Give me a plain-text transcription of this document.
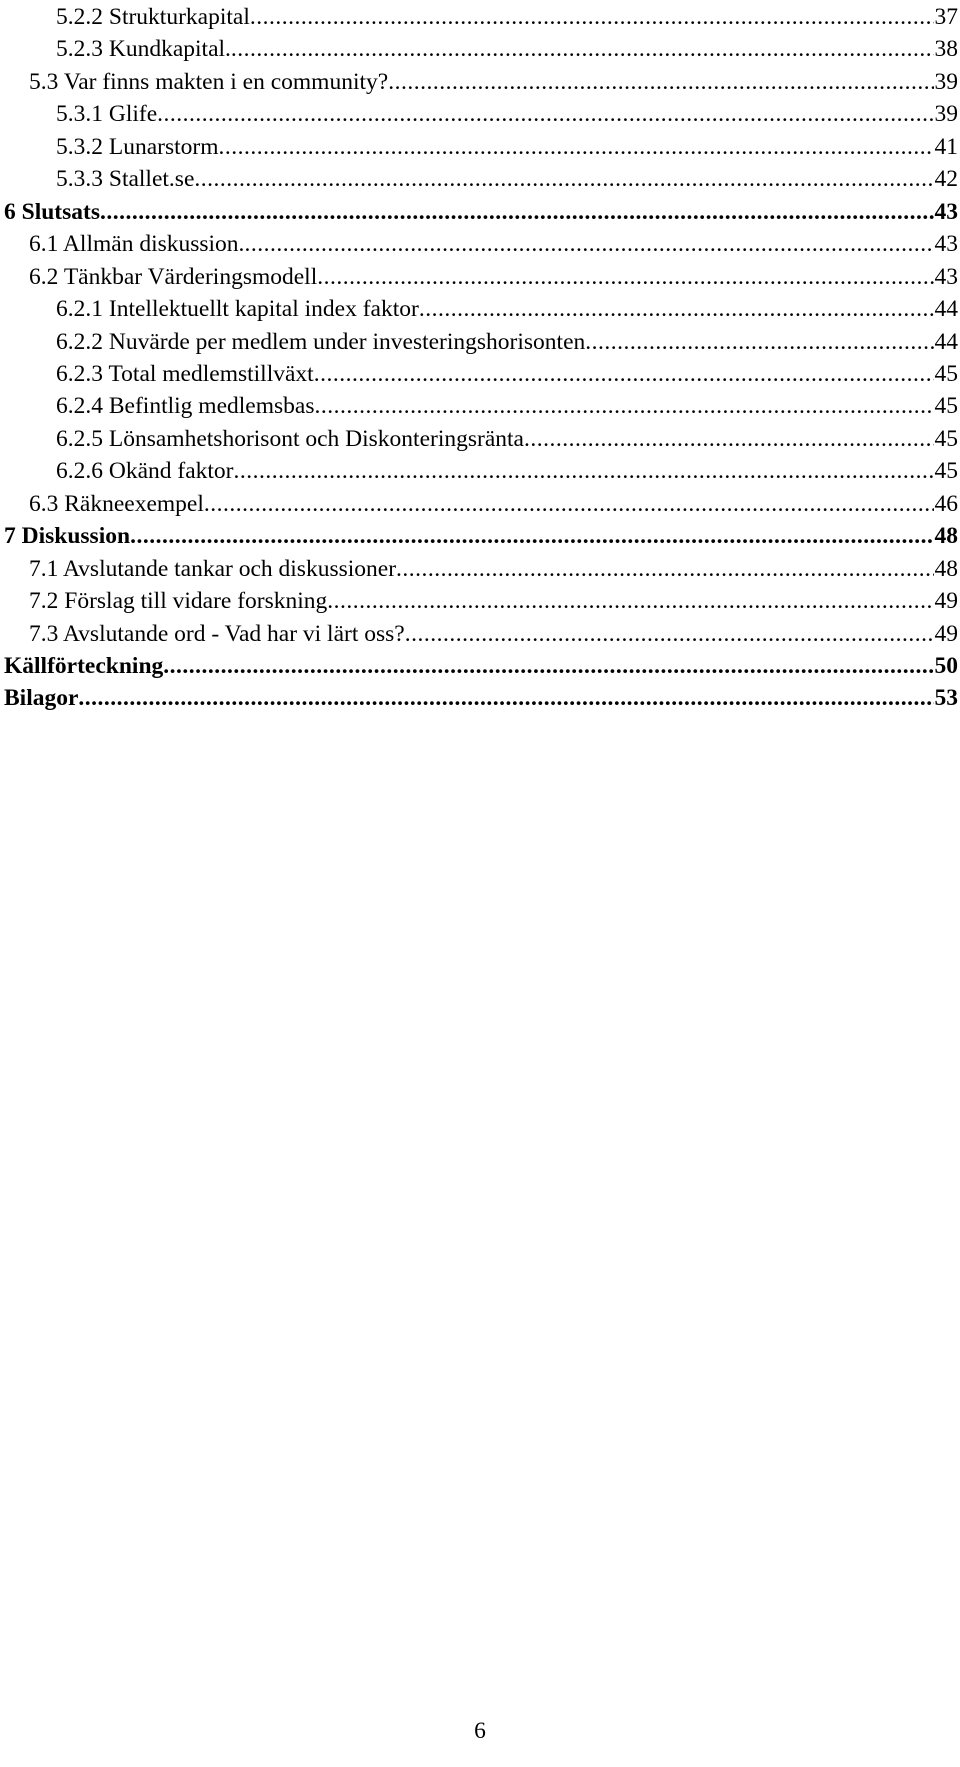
5.2.2 Strukturkapital .....	37
5.2.3 Kundkapital. .....	38
5.3 Var finns makten i en community? .....	39
5.3.1 Glife .....	39
5.3.2 Lunarstorm .....	41
5.3.3 Stallet.se .....	42
6 Slutsats .....	43
6.1 Allmän diskussion. .....	43
6.2 Tänkbar Värderingsmodell .....	43
6.2.1 Intellektuellt kapital index faktor .....	44
6.2.2 Nuvärde per medlem under investeringshorisonten .....	44
6.2.3 Total medlemstillväxt .....	45
6.2.4 Befintlig medlemsbas .....	45
6.2.5 Lönsamhetshorisont och Diskonteringsränta .....	45
6.2.6 Okänd faktor .....	45
6.3 Räkneexempel .....	46
7 Diskussion .....	48
7.1 Avslutande tankar och diskussioner .....	48
7.2 Förslag till vidare forskning .....	49
7.3 Avslutande ord - Vad har vi lärt oss? .....	49
Källförteckning .....	50
Bilagor .....	53
6
